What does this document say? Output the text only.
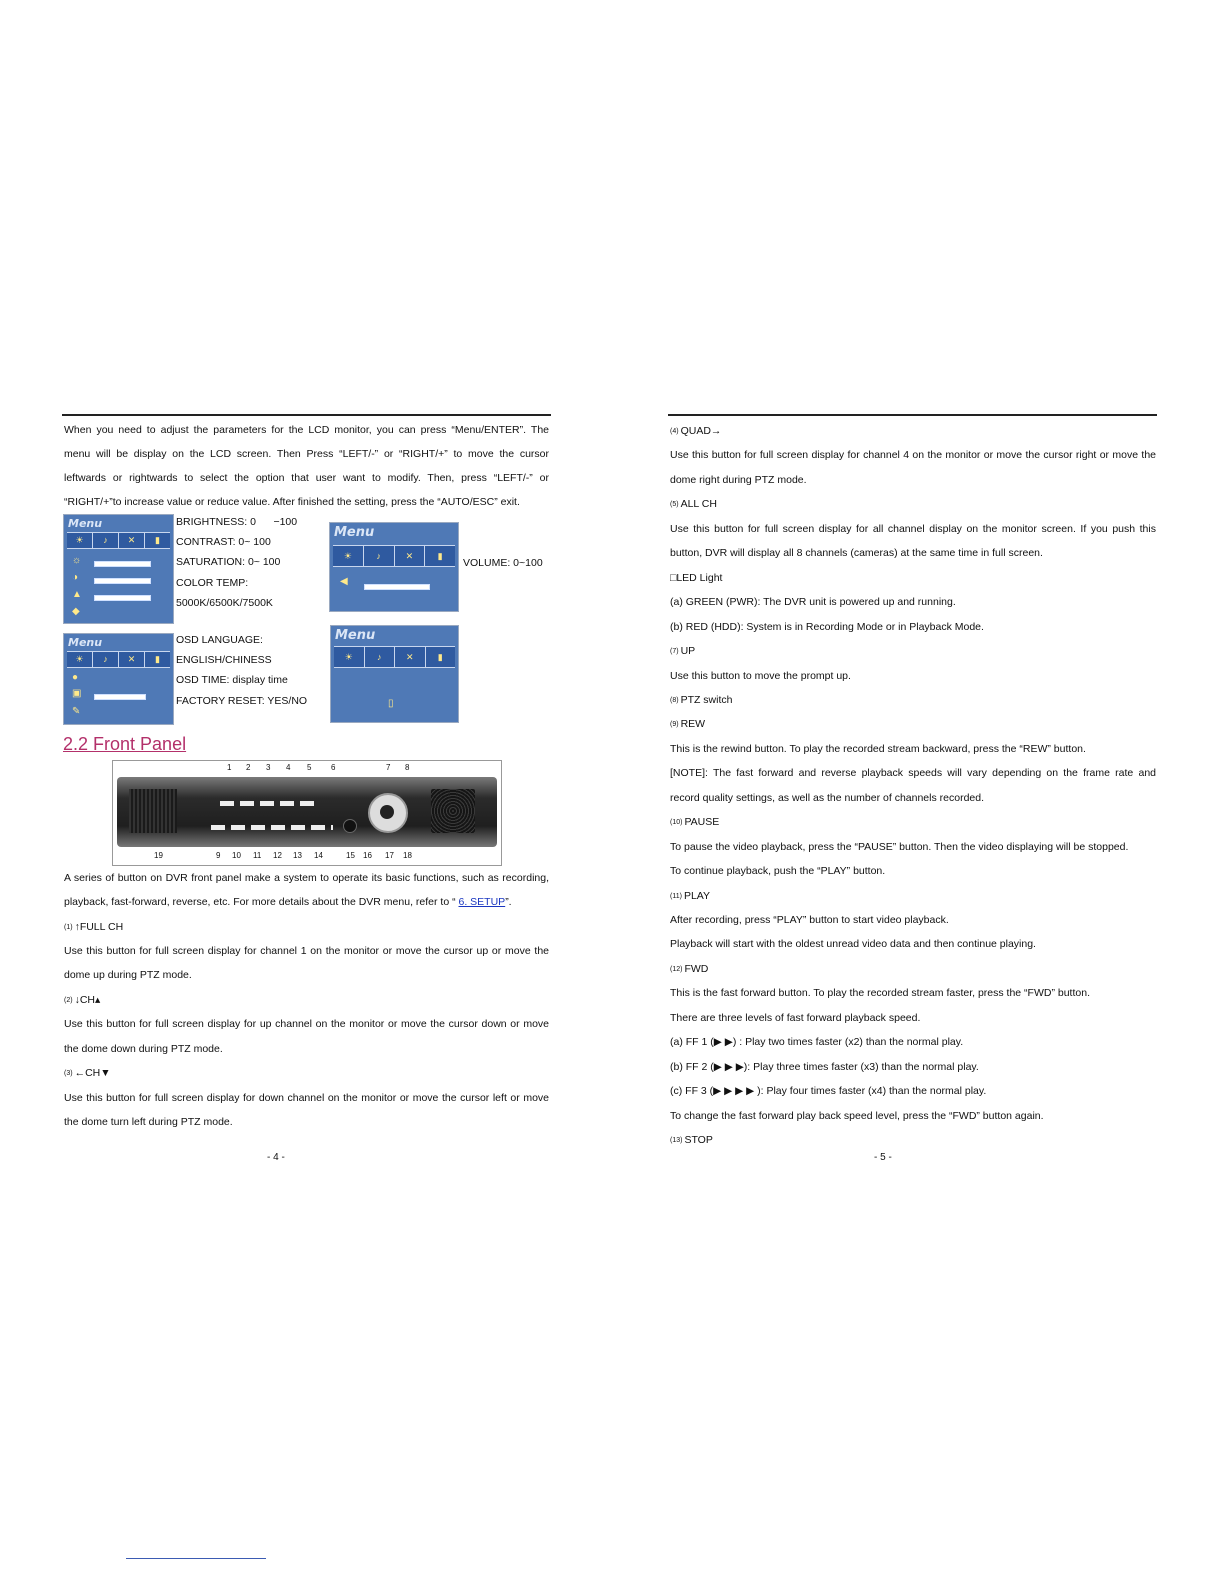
When you need to adjust the parameters for the LCD monitor, you can press “Menu/ENTER”. The
menu will be display on the LCD screen. Then Press “LEFT/-” or “RIGHT/+” to move the cursor
leftwards or rightwards to select the option that user want to modify. Then, press “LEFT/-” or
“RIGHT/+”to increase value or reduce value. After finished the setting, press the “AUTO/ESC” exit.
Menu
☀	♪	✕	▮
☼
◑
▲
◆
BRIGHTNESS: 0      −100
CONTRAST: 0~ 100
SATURATION: 0~ 100
COLOR TEMP:
5000K/6500K/7500K
Menu
☀	♪	✕	▮
◀
VOLUME: 0~100
Menu
☀	♪	✕	▮
●
▣
✎
OSD LANGUAGE:
ENGLISH/CHINESS
OSD TIME: display time
FACTORY RESET: YES/NO
Menu
☀	♪	✕	▮
▯
2.2 Front Panel
1 2 3 4 5 6	7 8
19	9 10 11 12 13 14	15 16 17 18
A series of button on DVR front panel make a system to operate its basic functions, such as recording,
playback, fast-forward, reverse, etc. For more details about the DVR menu, refer to “ 6. SETUP”.
(1) ↑FULL CH
Use this button for full screen display for channel 1 on the monitor or move the cursor up or move the
dome up during PTZ mode.
(2) ↓CH▴
Use this button for full screen display for up channel on the monitor or move the cursor down or move
the dome down during PTZ mode.
(3) ←CH▼
Use this button for full screen display for down channel on the monitor or move the cursor left or move
the dome turn left during PTZ mode.
- 4 -
(4) QUAD→
Use this button for full screen display for channel 4 on the monitor or move the cursor right or move the
dome right during PTZ mode.
(5) ALL CH
Use this button for full screen display for all channel display on the monitor screen. If you push this
button, DVR will display all 8 channels (cameras) at the same time in full screen.
□LED Light
(a) GREEN (PWR): The DVR unit is powered up and running.
(b) RED (HDD): System is in Recording Mode or in Playback Mode.
(7) UP
Use this button to move the prompt up.
(8) PTZ switch
(9) REW
This is the rewind button. To play the recorded stream backward, press the “REW” button.
[NOTE]: The fast forward and reverse playback speeds will vary depending on the frame rate and
record quality settings, as well as the number of channels recorded.
(10) PAUSE
To pause the video playback, press the “PAUSE” button. Then the video displaying will be stopped.
To continue playback, push the “PLAY” button.
(11) PLAY
After recording, press “PLAY” button to start video playback.
Playback will start with the oldest unread video data and then continue playing.
(12) FWD
This is the fast forward button. To play the recorded stream faster, press the “FWD” button.
There are three levels of fast forward playback speed.
(a) FF 1 (▶ ▶) : Play two times faster (x2) than the normal play.
(b) FF 2 (▶ ▶ ▶): Play three times faster (x3) than the normal play.
(c) FF 3 (▶ ▶ ▶ ▶ ): Play four times faster (x4) than the normal play.
To change the fast forward play back speed level, press the “FWD” button again.
(13) STOP
- 5 -
